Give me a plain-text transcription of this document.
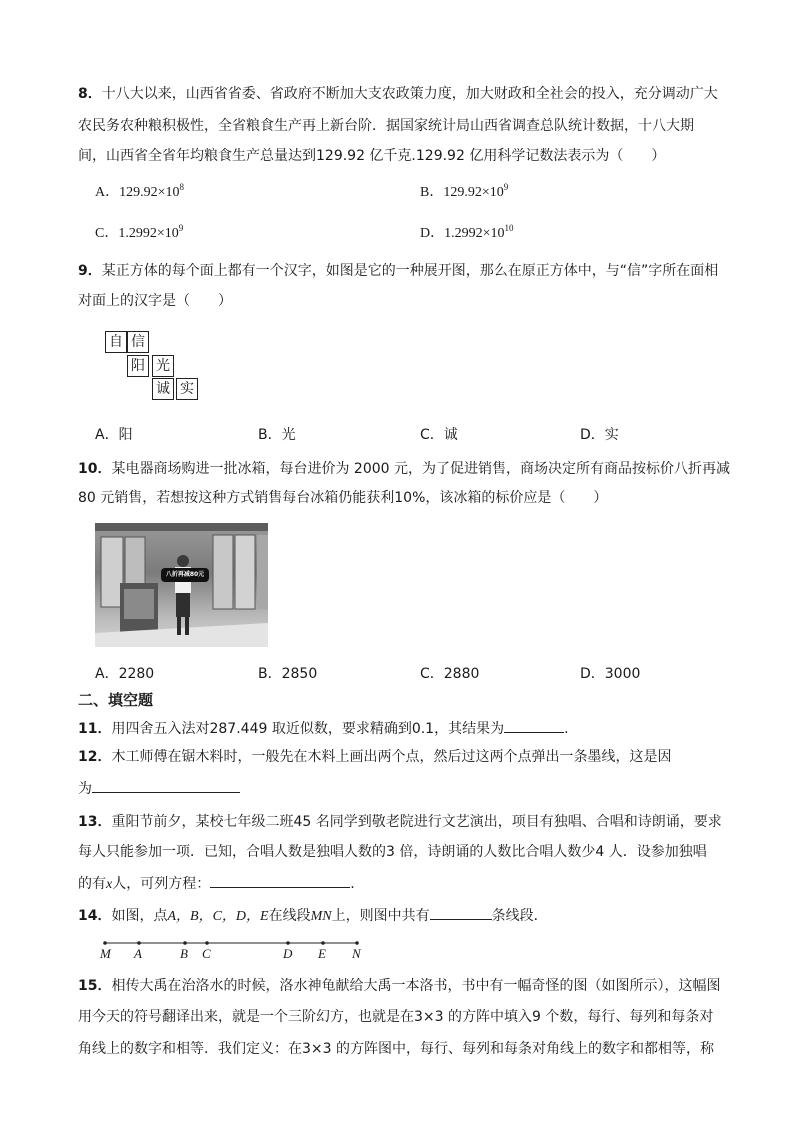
8．十八大以来，山西省省委、省政府不断加大支农政策力度，加大财政和全社会的投入，充分调动广大
农民务农种粮积极性，全省粮食生产再上新台阶．据国家统计局山西省调查总队统计数据，十八大期
间，山西省全省年均粮食生产总量达到129.92 亿千克.129.92 亿用科学记数法表示为（　　）
A．$129.92\times 10^8$	B．$129.92\times 10^9$
C．$1.2992\times 10^9$	D．$1.2992\times 10^{10}$
9．某正方体的每个面上都有一个汉字，如图是它的一种展开图，那么在原正方体中，与“信”字所在面相
对面上的汉字是（　　）
自 信
阳 光
诚 实
A．阳	B．光	C．诚	D．实
10．某电器商场购进一批冰箱，每台进价为 2000 元，为了促进销售，商场决定所有商品按标价八折再减
80 元销售，若想按这种方式销售每台冰箱仍能获利10%，该冰箱的标价应是（　　）
八折再减80元
A．2280	B．2850	C．2880	D．3000
二、填空题
11．用四舍五入法对287.449 取近似数，要求精确到0.1，其结果为	.
12．木工师傅在锯木料时，一般先在木料上画出两个点，然后过这两个点弹出一条墨线，这是因
为
13．重阳节前夕，某校七年级二班45 名同学到敬老院进行文艺演出，项目有独唱、合唱和诗朗诵，要求
每人只能参加一项．已知，合唱人数是独唱人数的3 倍，诗朗诵的人数比合唱人数少4 人．设参加独唱
的有x人，可列方程：	.
14．如图，点A，B，C，D，E在线段MN上，则图中共有	条线段．
M A	B C	D E N
15．相传大禹在治洛水的时候，洛水神龟献给大禹一本洛书，书中有一幅奇怪的图（如图所示），这幅图
用今天的符号翻译出来，就是一个三阶幻方，也就是在3×3 的方阵中填入9 个数，每行、每列和每条对
角线上的数字和相等．我们定义：在3×3 的方阵图中，每行、每列和每条对角线上的数字和都相等，称
